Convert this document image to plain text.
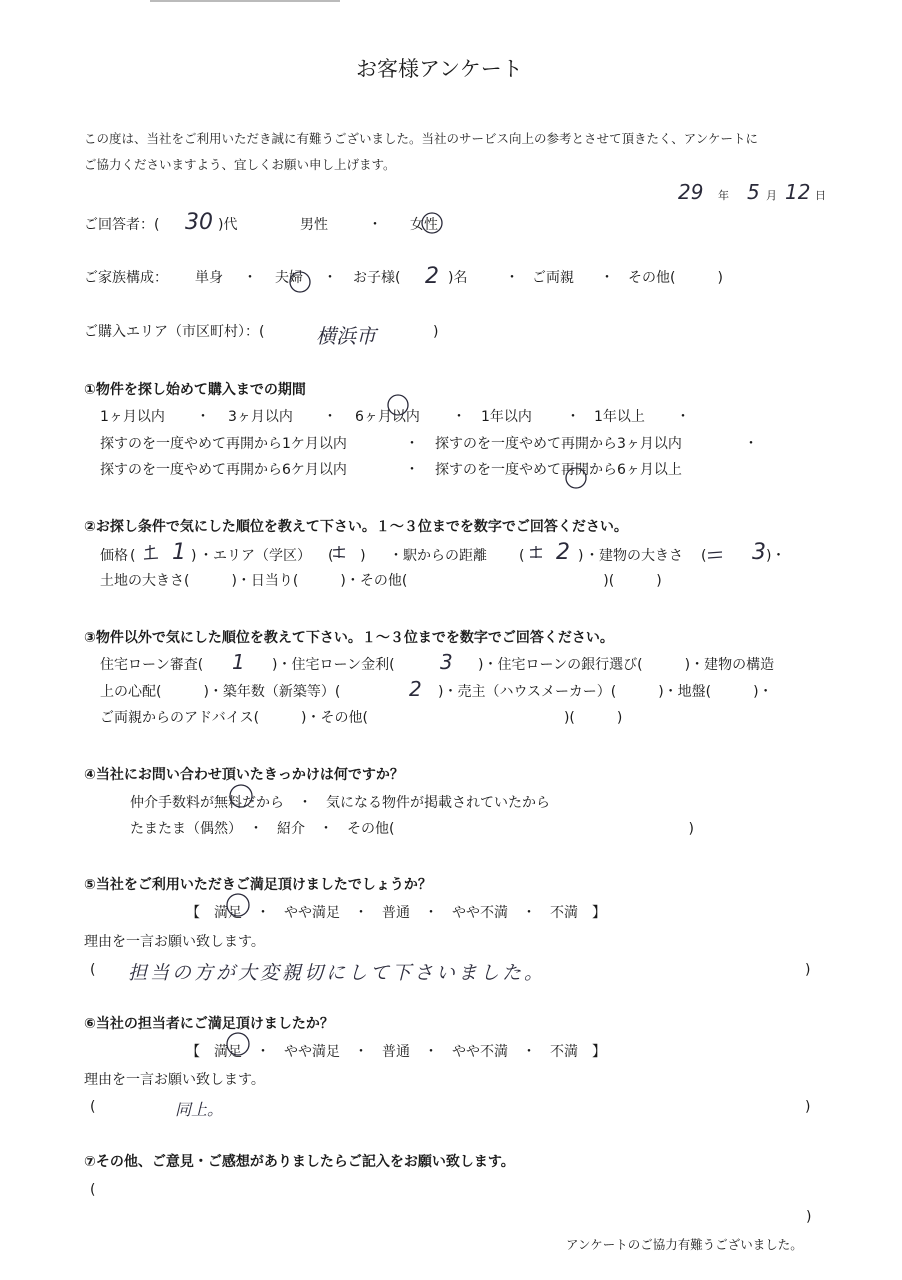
お客様アンケート
この度は、当社をご利用いただき誠に有難うございました。当社のサービス向上の参考とさせて頂きたく、アンケートに
ご協力くださいますよう、宜しくお願い申し上げます。
29 年 5 月 12 日
ご回答者：( 30 )代	男性	・ 女性
ご家族構成： 単身 ・ 夫婦 ・ お子様( 2 )名	・ ご両親 ・ その他(　　　)
ご購入エリア（市区町村）：(	横浜市	)
①物件を探し始めて購入までの期間
1ヶ月以内 ・ 3ヶ月以内 ・ 6ヶ月以内 ・ 1年以内 ・ 1年以上 ・
探すのを一度やめて再開から1ケ月以内	・ 探すのを一度やめて再開から3ヶ月以内	・
探すのを一度やめて再開から6ケ月以内	・ 探すのを一度やめて再開から6ヶ月以上
②お探し条件で気にした順位を教えて下さい。１～３位までを数字でご回答ください。
価格 ( 1 ) ・エリア（学区） (      ) ・駅からの距離 ( 2 ) ・建物の大きさ ( 3 )・
土地の大きさ(　　　)・日当り(　　　)・その他(　　　　　　　　　　　　　　)(　　　)
③物件以外で気にした順位を教えて下さい。１～３位までを数字でご回答ください。
住宅ローン審査( 1 )・住宅ローン金利( 3 )・住宅ローンの銀行選び(　　　)・建物の構造
上の心配(　　　)・築年数（新築等）(	2 )・売主（ハウスメーカー）(　　　)・地盤(　　　)・
ご両親からのアドバイス(　　　)・その他(　　　　　　　　　　　　　　)(　　　)
④当社にお問い合わせ頂いたきっかけは何ですか？
仲介手数料が無料だから　・　気になる物件が掲載されていたから
たまたま（偶然）　・　紹介　・　その他(　　　　　　　　　　　　　　　　　　　　　)
⑤当社をご利用いただきご満足頂けましたでしょうか？
【　満足　・　やや満足　・　普通　・　やや不満　・　不満　】
理由を一言お願い致します。
( 担当の方が大変親切にして下さいました。	)
⑥当社の担当者にご満足頂けましたか？
【　満足　・　やや満足　・　普通　・　やや不満　・　不満　】
理由を一言お願い致します。
(	同上。	)
⑦その他、ご意見・ご感想がありましたらご記入をお願い致します。
(
)
アンケートのご協力有難うございました。
